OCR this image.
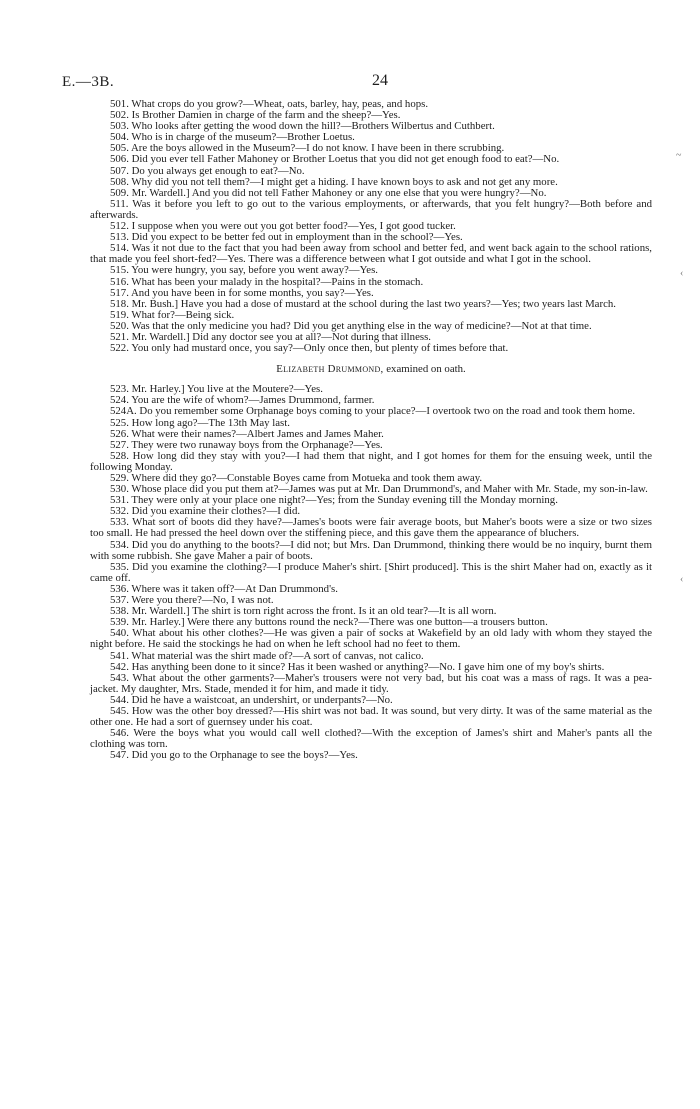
E.—3B.	24

501. What crops do you grow?—Wheat, oats, barley, hay, peas, and hops.

502. Is Brother Damien in charge of the farm and the sheep?—Yes.

503. Who looks after getting the wood down the hill?—Brothers Wilbertus and Cuthbert.

504. Who is in charge of the museum?—Brother Loetus.

505. Are the boys allowed in the Museum?—I do not know. I have been in there scrubbing.

506. Did you ever tell Father Mahoney or Brother Loetus that you did not get enough food to eat?—No.

507. Do you always get enough to eat?—No.

508. Why did you not tell them?—I might get a hiding. I have known boys to ask and not get any more.

509. Mr. Wardell.] And you did not tell Father Mahoney or any one else that you were hungry?—No.

511. Was it before you left to go out to the various employments, or afterwards, that you felt hungry?—Both before and afterwards.

512. I suppose when you were out you got better food?—Yes, I got good tucker.

513. Did you expect to be better fed out in employment than in the school?—Yes.

514. Was it not due to the fact that you had been away from school and better fed, and went back again to the school rations, that made you feel short-fed?—Yes. There was a difference between what I got outside and what I got in the school.

515. You were hungry, you say, before you went away?—Yes.

516. What has been your malady in the hospital?—Pains in the stomach.

517. And you have been in for some months, you say?—Yes.

518. Mr. Bush.] Have you had a dose of mustard at the school during the last two years?—Yes; two years last March.

519. What for?—Being sick.

520. Was that the only medicine you had? Did you get anything else in the way of medicine?—Not at that time.

521. Mr. Wardell.] Did any doctor see you at all?—Not during that illness.

522. You only had mustard once, you say?—Only once then, but plenty of times before that.

Elizabeth Drummond, examined on oath.

523. Mr. Harley.] You live at the Moutere?—Yes.

524. You are the wife of whom?—James Drummond, farmer.

524A. Do you remember some Orphanage boys coming to your place?—I overtook two on the road and took them home.

525. How long ago?—The 13th May last.

526. What were their names?—Albert James and James Maher.

527. They were two runaway boys from the Orphanage?—Yes.

528. How long did they stay with you?—I had them that night, and I got homes for them for the ensuing week, until the following Monday.

529. Where did they go?—Constable Boyes came from Motueka and took them away.

530. Whose place did you put them at?—James was put at Mr. Dan Drummond's, and Maher with Mr. Stade, my son-in-law.

531. They were only at your place one night?—Yes; from the Sunday evening till the Monday morning.

532. Did you examine their clothes?—I did.

533. What sort of boots did they have?—James's boots were fair average boots, but Maher's boots were a size or two sizes too small. He had pressed the heel down over the stiffening piece, and this gave them the appearance of bluchers.

534. Did you do anything to the boots?—I did not; but Mrs. Dan Drummond, thinking there would be no inquiry, burnt them with some rubbish. She gave Maher a pair of boots.

535. Did you examine the clothing?—I produce Maher's shirt. [Shirt produced]. This is the shirt Maher had on, exactly as it came off.

536. Where was it taken off?—At Dan Drummond's.

537. Were you there?—No, I was not.

538. Mr. Wardell.] The shirt is torn right across the front. Is it an old tear?—It is all worn.

539. Mr. Harley.] Were there any buttons round the neck?—There was one button—a trousers button.

540. What about his other clothes?—He was given a pair of socks at Wakefield by an old lady with whom they stayed the night before. He said the stockings he had on when he left school had no feet to them.

541. What material was the shirt made of?—A sort of canvas, not calico.

542. Has anything been done to it since? Has it been washed or anything?—No. I gave him one of my boy's shirts.

543. What about the other garments?—Maher's trousers were not very bad, but his coat was a mass of rags. It was a pea-jacket. My daughter, Mrs. Stade, mended it for him, and made it tidy.

544. Did he have a waistcoat, an undershirt, or underpants?—No.

545. How was the other boy dressed?—His shirt was not bad. It was sound, but very dirty. It was of the same material as the other one. He had a sort of guernsey under his coat.

546. Were the boys what you would call well clothed?—With the exception of James's shirt and Maher's pants all the clothing was torn.

547. Did you go to the Orphanage to see the boys?—Yes.

~
‹
‹
